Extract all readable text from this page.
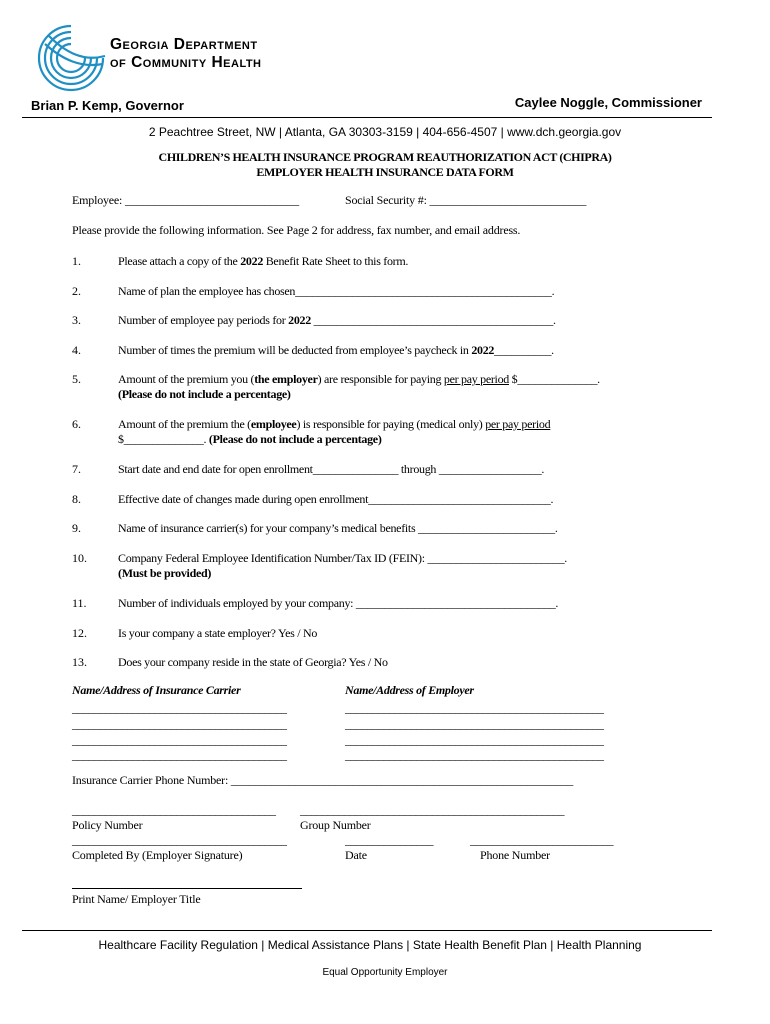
Georgia Department
of Community Health
Brian P. Kemp, Governor	Caylee Noggle, Commissioner
2 Peachtree Street, NW | Atlanta, GA 30303-3159 | 404-656-4507 | www.dch.georgia.gov
CHILDREN’S HEALTH INSURANCE PROGRAM REAUTHORIZATION ACT (CHIPRA)
EMPLOYER HEALTH INSURANCE DATA FORM
Employee: ______________________________	Social Security #: ___________________________
Please provide the following information. See Page 2 for address, fax number, and email address.
1.	Please attach a copy of the 2022 Benefit Rate Sheet to this form.
2.	Name of plan the employee has chosen_____________________________________________.
3.	Number of employee pay periods for 2022 __________________________________________.
4.	Number of times the premium will be deducted from employee’s paycheck in 2022__________.
5.	Amount of the premium you (the employer) are responsible for paying per pay period $______________.
(Please do not include a percentage)
6.	Amount of the premium the (employee) is responsible for paying (medical only) per pay period
$______________. (Please do not include a percentage)
7.	Start date and end date for open enrollment_______________ through __________________.
8.	Effective date of changes made during open enrollment________________________________.
9.	Name of insurance carrier(s) for your company’s medical benefits ________________________.
10.	Company Federal Employee Identification Number/Tax ID (FEIN): ________________________.
(Must be provided)
11.	Number of individuals employed by your company: ___________________________________.
12.	Is your company a state employer? Yes / No
13.	Does your company reside in the state of Georgia? Yes / No
Name/Address of Insurance Carrier	Name/Address of Employer
_______________________________________
_______________________________________
_______________________________________
_______________________________________
_______________________________________________
_______________________________________________
_______________________________________________
_______________________________________________
Insurance Carrier Phone Number: ___________________________________________________________
_____________________________________ ________________________________________________
Policy Number	Group Number
_______________________________________	________________	__________________________
Completed By (Employer Signature)	Date	Phone Number
Print Name/ Employer Title
Healthcare Facility Regulation | Medical Assistance Plans | State Health Benefit Plan | Health Planning
Equal Opportunity Employer
